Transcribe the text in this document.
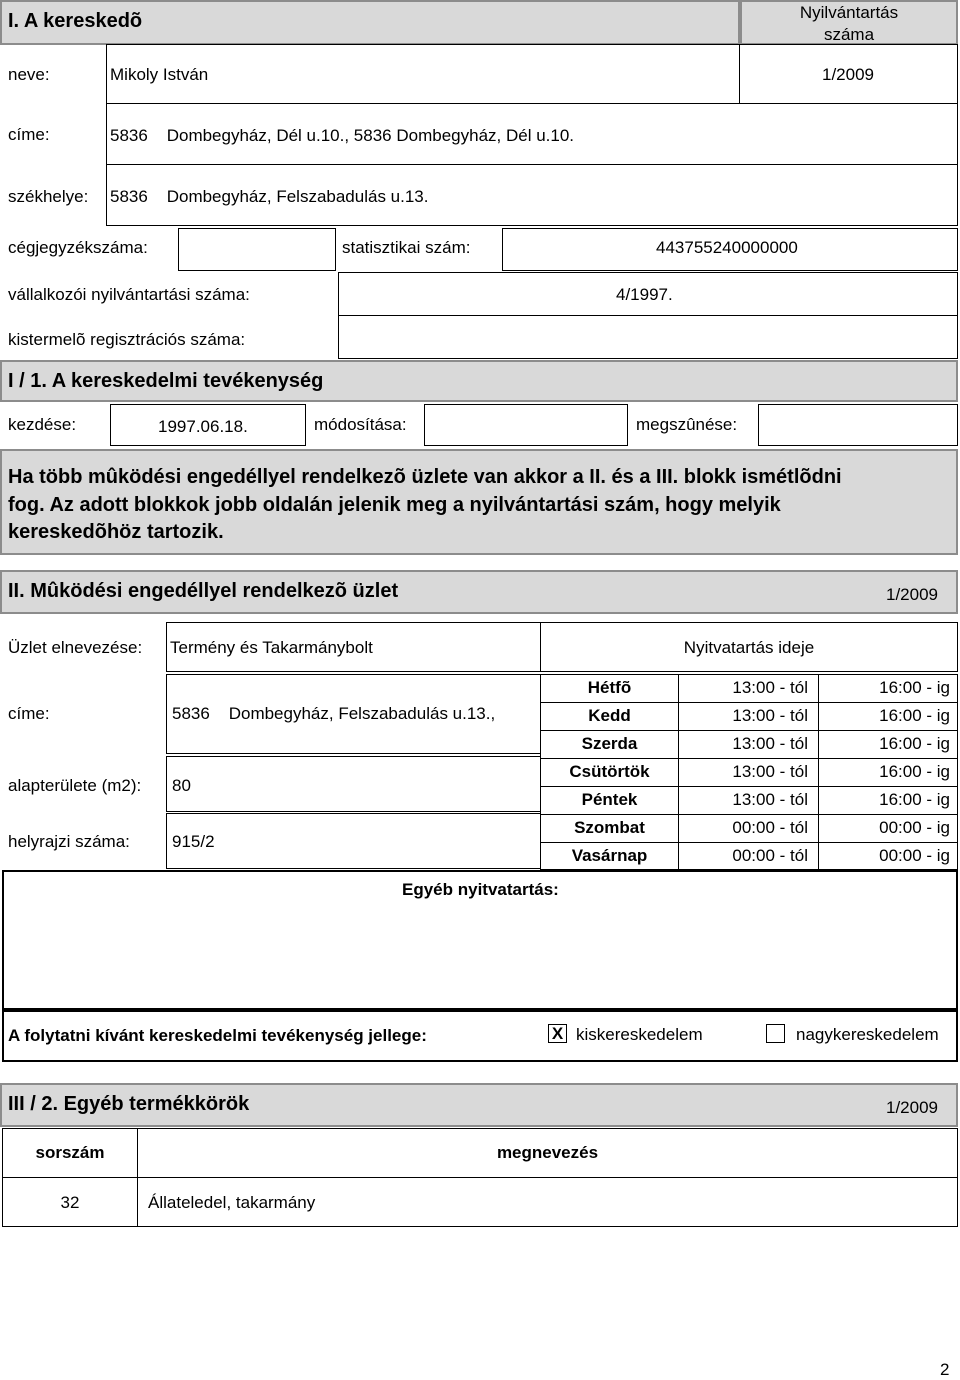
I. A kereskedõ	Nyilvántartás
száma
1/2009
neve:	Mikoly István
címe:	5836    Dombegyház, Dél u.10., 5836 Dombegyház, Dél u.10.
székhelye: 5836    Dombegyház, Felszabadulás u.13.
cégjegyzékszáma:	statisztikai szám:	443755240000000
vállalkozói nyilvántartási száma:	4/1997.
kistermelõ regisztrációs száma:
I / 1. A kereskedelmi tevékenység
kezdése:	1997.06.18.	módosítása:	megszûnése:
Ha több mûködési engedéllyel rendelkezõ üzlete van akkor a II. és a III. blokk ismétlõdni
fog. Az adott blokkok jobb oldalán jelenik meg a nyilvántartási szám, hogy melyik
kereskedõhöz tartozik.
II. Mûködési engedéllyel rendelkezõ üzlet	1/2009
Üzlet elnevezése: Termény és Takarmánybolt	Nyitvatartás ideje
címe:	5836    Dombegyház, Felszabadulás u.13.,
alapterülete (m2): 80
helyrajzi száma: 915/2
Hétfõ	13:00 - tól	16:00 - ig
Kedd	13:00 - tól	16:00 - ig
Szerda	13:00 - tól	16:00 - ig
Csütörtök	13:00 - tól	16:00 - ig
Péntek	13:00 - tól	16:00 - ig
Szombat	00:00 - tól	00:00 - ig
Vasárnap	00:00 - tól	00:00 - ig
Egyéb nyitvatartás:
A folytatni kívánt kereskedelmi tevékenység jellege:	X kiskereskedelem	nagykereskedelem
III / 2. Egyéb termékkörök	1/2009
sorszám	megnevezés
32	Állateledel, takarmány
2
